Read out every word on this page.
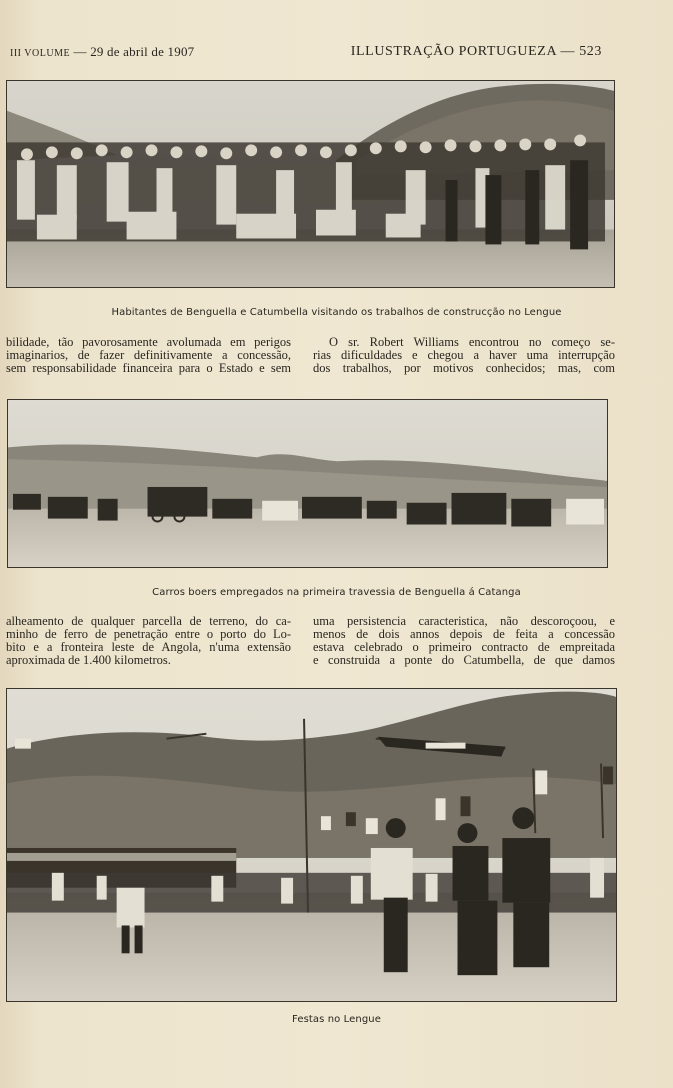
III VOLUME — 29 de abril de 1907	ILLUSTRAÇÃO PORTUGUEZA — 523
Habitantes de Benguella e Catumbella visitando os trabalhos de construcção no Lengue
bilidade, tão pavorosamente avolumada em perigos
imaginarios, de fazer definitivamente a concessão,
sem responsabilidade financeira para o Estado e sem
O sr. Robert Williams encontrou no começo se-
rias dificuldades e chegou a haver uma interrupção
dos trabalhos, por motivos conhecidos; mas, com
Carros boers empregados na primeira travessia de Benguella á Catanga
alheamento de qualquer parcella de terreno, do ca-
minho de ferro de penetração entre o porto do Lo-
bito e a fronteira leste de Angola, n'uma extensão
aproximada de 1.400 kilometros.
uma persistencia caracteristica, não descoroçoou, e
menos de dois annos depois de feita a concessão
estava celebrado o primeiro contracto de empreitada
e construida a ponte do Catumbella, de que damos
Festas no Lengue
